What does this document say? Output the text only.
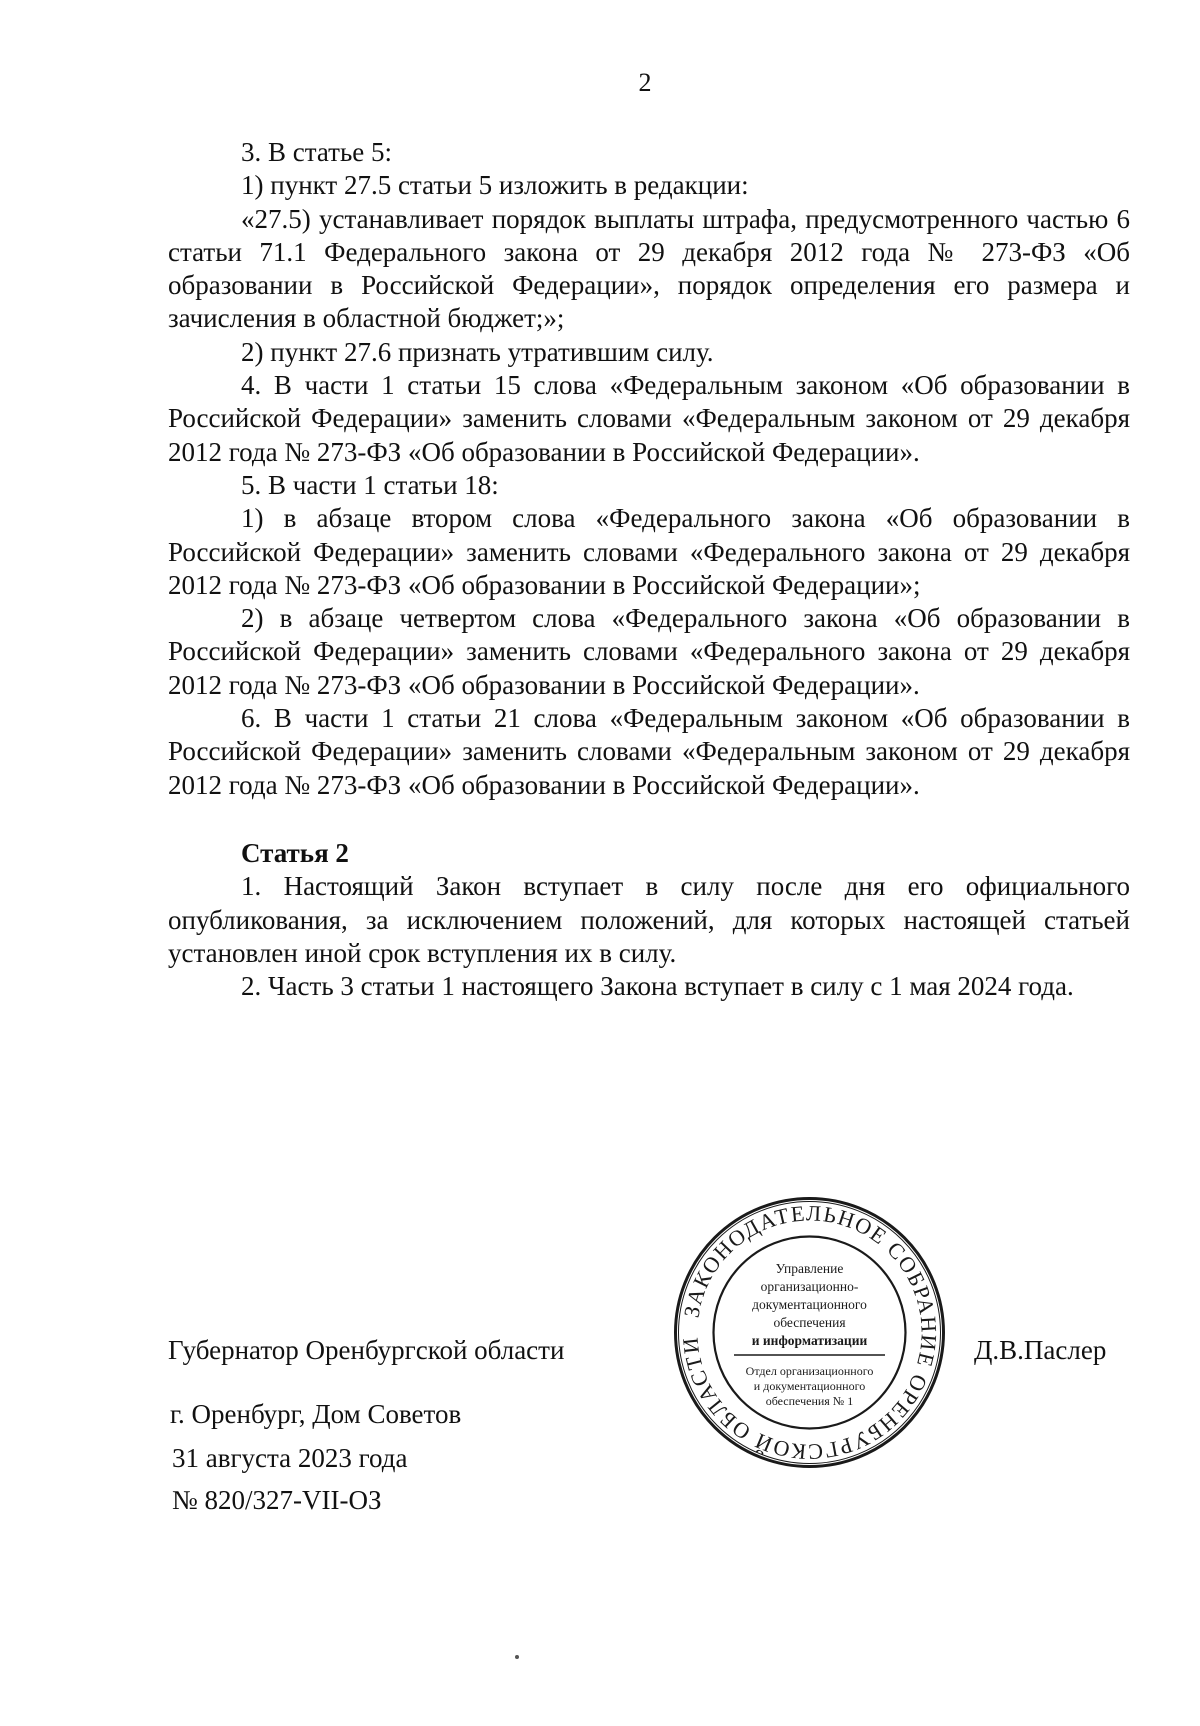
2

3. В статье 5:

1) пункт 27.5 статьи 5 изложить в редакции:

«27.5) устанавливает порядок выплаты штрафа, предусмотренного частью 6 статьи 71.1 Федерального закона от 29 декабря 2012 года № 273-ФЗ «Об образовании в Российской Федерации», порядок определения его размера и зачисления в областной бюджет;»;

2) пункт 27.6 признать утратившим силу.

4. В части 1 статьи 15 слова «Федеральным законом «Об образовании в Российской Федерации» заменить словами «Федеральным законом от 29 декабря 2012 года № 273-ФЗ «Об образовании в Российской Федерации».

5. В части 1 статьи 18:

1) в абзаце втором слова «Федерального закона «Об образовании в Российской Федерации» заменить словами «Федерального закона от 29 декабря 2012 года № 273-ФЗ «Об образовании в Российской Федерации»;

2) в абзаце четвертом слова «Федерального закона «Об образовании в Российской Федерации» заменить словами «Федерального закона от 29 декабря 2012 года № 273-ФЗ «Об образовании в Российской Федерации».

6. В части 1 статьи 21 слова «Федеральным законом «Об образовании в Российской Федерации» заменить словами «Федеральным законом от 29 декабря 2012 года № 273-ФЗ «Об образовании в Российской Федерации».

Статья 2

1. Настоящий Закон вступает в силу после дня его официального опубликования, за исключением положений, для которых настоящей статьей установлен иной срок вступления их в силу.

2. Часть 3 статьи 1 настоящего Закона вступает в силу с 1 мая 2024 года.

Губернатор Оренбургской области	Д.В.Паслер
г. Оренбург, Дом Советов
31 августа 2023 года
№ 820/327-VII-ОЗ
ЗАКОНОДАТЕЛЬНОЕ СОБРАНИЕ ОРЕНБУРГСКОЙ ОБЛАСТИ
Управление
организационно-
документационного
обеспечения
и информатизации
Отдел организационного
и документационного
обеспечения № 1
